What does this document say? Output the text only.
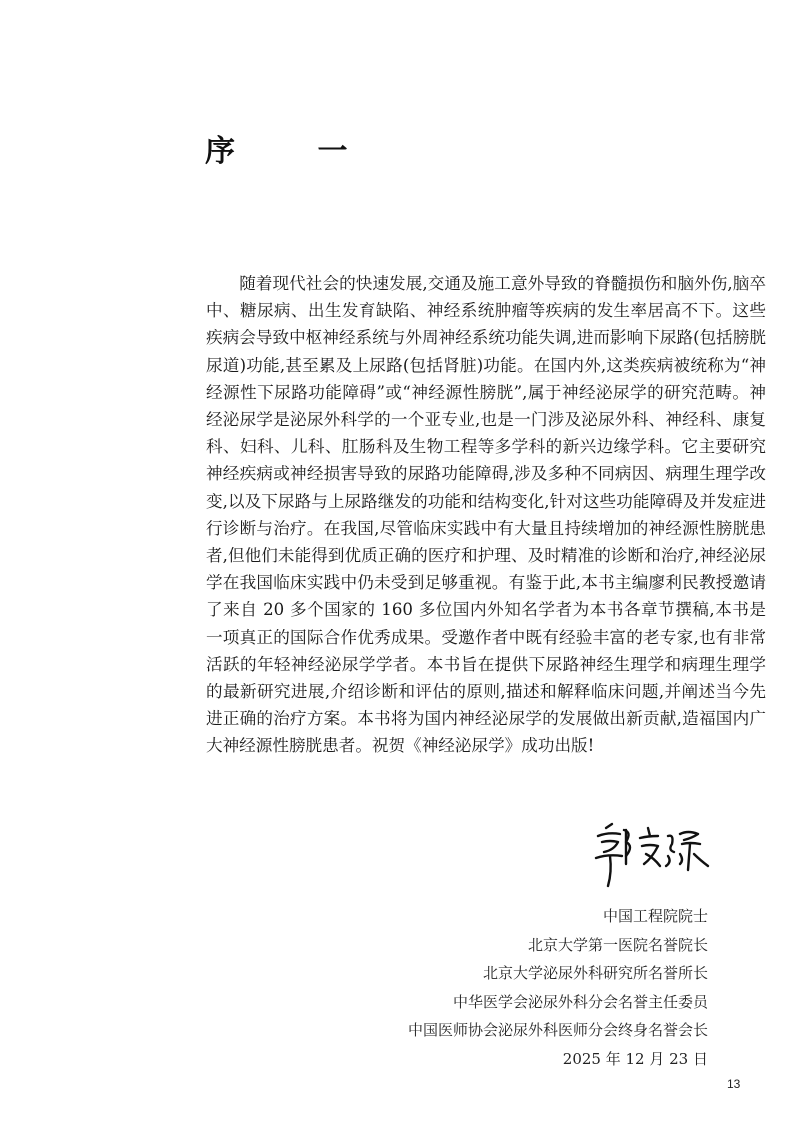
序 一

随着现代社会的快速发展,交通及施工意外导致的脊髓损伤和脑外伤,脑卒中、糖尿病、出生发育缺陷、神经系统肿瘤等疾病的发生率居高不下。这些疾病会导致中枢神经系统与外周神经系统功能失调,进而影响下尿路(包括膀胱尿道)功能,甚至累及上尿路(包括肾脏)功能。在国内外,这类疾病被统称为“神经源性下尿路功能障碍”或“神经源性膀胱”,属于神经泌尿学的研究范畴。神经泌尿学是泌尿外科学的一个亚专业,也是一门涉及泌尿外科、神经科、康复科、妇科、儿科、肛肠科及生物工程等多学科的新兴边缘学科。它主要研究神经疾病或神经损害导致的尿路功能障碍,涉及多种不同病因、病理生理学改变,以及下尿路与上尿路继发的功能和结构变化,针对这些功能障碍及并发症进行诊断与治疗。在我国,尽管临床实践中有大量且持续增加的神经源性膀胱患者,但他们未能得到优质正确的医疗和护理、及时精准的诊断和治疗,神经泌尿学在我国临床实践中仍未受到足够重视。有鉴于此,本书主编廖利民教授邀请了来自 20 多个国家的 160 多位国内外知名学者为本书各章节撰稿,本书是一项真正的国际合作优秀成果。受邀作者中既有经验丰富的老专家,也有非常活跃的年轻神经泌尿学学者。本书旨在提供下尿路神经生理学和病理生理学的最新研究进展,介绍诊断和评估的原则,描述和解释临床问题,并阐述当今先进正确的治疗方案。本书将为国内神经泌尿学的发展做出新贡献,造福国内广大神经源性膀胱患者。祝贺《神经泌尿学》成功出版!

中国工程院院士
北京大学第一医院名誉院长
北京大学泌尿外科研究所名誉所长
中华医学会泌尿外科分会名誉主任委员
中国医师协会泌尿外科医师分会终身名誉会长
2025 年 12 月 23 日
13
